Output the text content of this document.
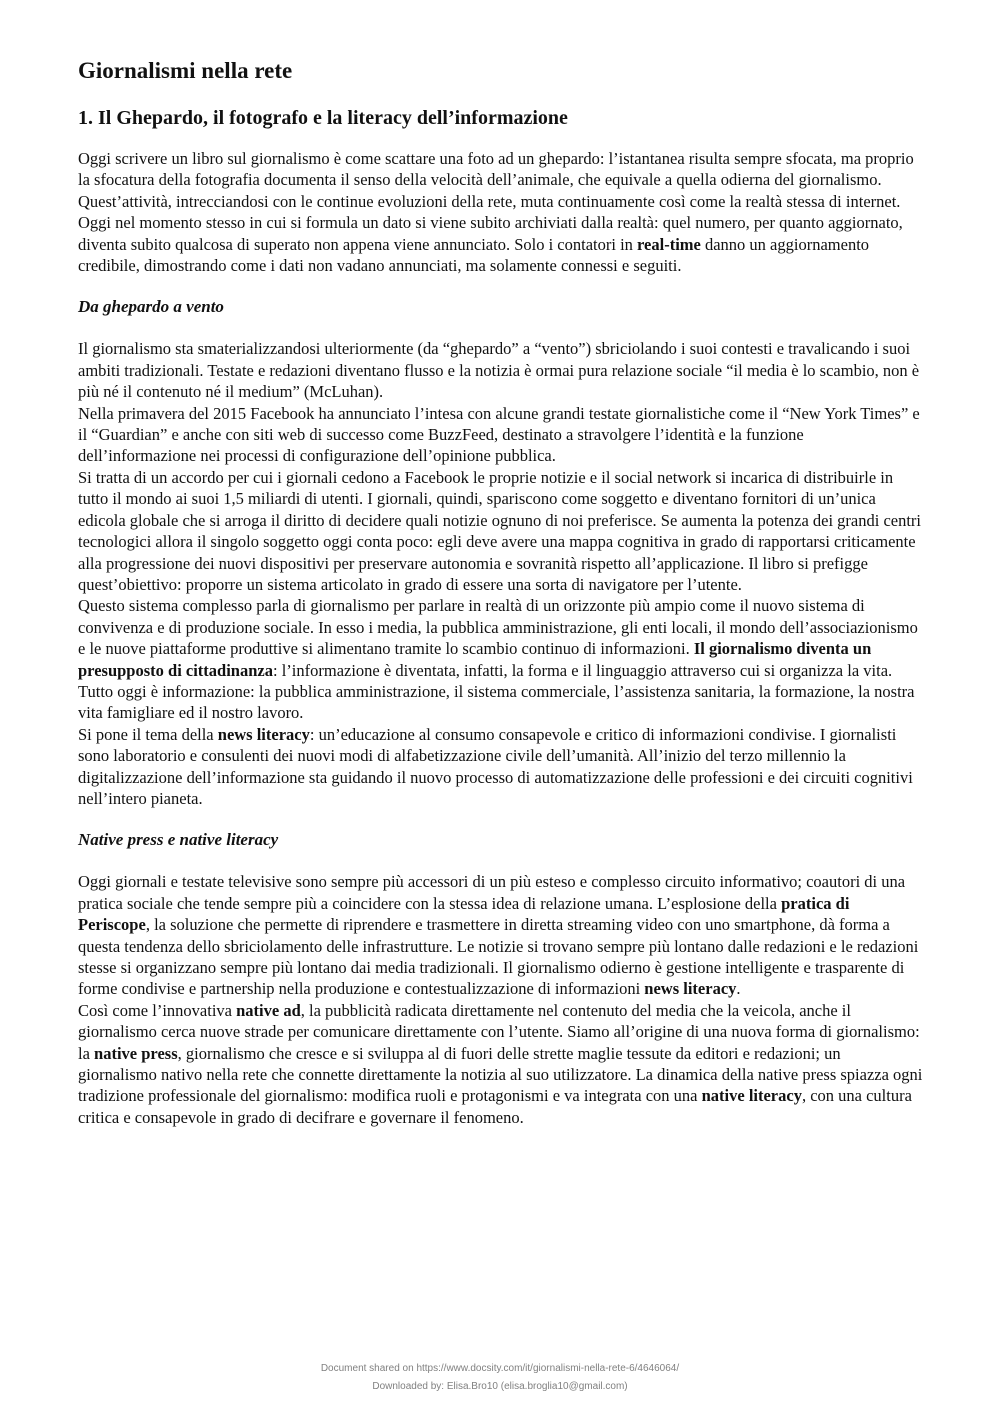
Giornalismi nella rete
1. Il Ghepardo, il fotografo e la literacy dell’informazione

Oggi scrivere un libro sul giornalismo è come scattare una foto ad un ghepardo: l’istantanea risulta sempre sfocata, ma proprio la sfocatura della fotografia documenta il senso della velocità dell’animale, che equivale a quella odierna del giornalismo. Quest’attività, intrecciandosi con le continue evoluzioni della rete, muta continuamente così come la realtà stessa di internet.

Oggi nel momento stesso in cui si formula un dato si viene subito archiviati dalla realtà: quel numero, per quanto aggiornato, diventa subito qualcosa di superato non appena viene annunciato. Solo i contatori in real-time danno un aggiornamento credibile, dimostrando come i dati non vadano annunciati, ma solamente connessi e seguiti.

Da ghepardo a vento

Il giornalismo sta smaterializzandosi ulteriormente (da “ghepardo” a “vento”) sbriciolando i suoi contesti e travalicando i suoi ambiti tradizionali. Testate e redazioni diventano flusso e la notizia è ormai pura relazione sociale “il media è lo scambio, non è più né il contenuto né il medium” (McLuhan).

Nella primavera del 2015 Facebook ha annunciato l’intesa con alcune grandi testate giornalistiche come il “New York Times” e il “Guardian” e anche con siti web di successo come BuzzFeed, destinato a stravolgere l’identità e la funzione dell’informazione nei processi di configurazione dell’opinione pubblica.

Si tratta di un accordo per cui i giornali cedono a Facebook le proprie notizie e il social network si incarica di distribuirle in tutto il mondo ai suoi 1,5 miliardi di utenti. I giornali, quindi, spariscono come soggetto e diventano fornitori di un’unica edicola globale che si arroga il diritto di decidere quali notizie ognuno di noi preferisce. Se aumenta la potenza dei grandi centri tecnologici allora il singolo soggetto oggi conta poco: egli deve avere una mappa cognitiva in grado di rapportarsi criticamente alla progressione dei nuovi dispositivi per preservare autonomia e sovranità rispetto all’applicazione. Il libro si prefigge quest’obiettivo: proporre un sistema articolato in grado di essere una sorta di navigatore per l’utente.

Questo sistema complesso parla di giornalismo per parlare in realtà di un orizzonte più ampio come il nuovo sistema di convivenza e di produzione sociale. In esso i media, la pubblica amministrazione, gli enti locali, il mondo dell’associazionismo e le nuove piattaforme produttive si alimentano tramite lo scambio continuo di informazioni. Il giornalismo diventa un presupposto di cittadinanza: l’informazione è diventata, infatti, la forma e il linguaggio attraverso cui si organizza la vita. Tutto oggi è informazione: la pubblica amministrazione, il sistema commerciale, l’assistenza sanitaria, la formazione, la nostra vita famigliare ed il nostro lavoro.

Si pone il tema della news literacy: un’educazione al consumo consapevole e critico di informazioni condivise. I giornalisti sono laboratorio e consulenti dei nuovi modi di alfabetizzazione civile dell’umanità. All’inizio del terzo millennio la digitalizzazione dell’informazione sta guidando il nuovo processo di automatizzazione delle professioni e dei circuiti cognitivi nell’intero pianeta.

Native press e native literacy

Oggi giornali e testate televisive sono sempre più accessori di un più esteso e complesso circuito informativo; coautori di una pratica sociale che tende sempre più a coincidere con la stessa idea di relazione umana. L’esplosione della pratica di Periscope, la soluzione che permette di riprendere e trasmettere in diretta streaming video con uno smartphone, dà forma a questa tendenza dello sbriciolamento delle infrastrutture. Le notizie si trovano sempre più lontano dalle redazioni e le redazioni stesse si organizzano sempre più lontano dai media tradizionali. Il giornalismo odierno è gestione intelligente e trasparente di forme condivise e partnership nella produzione e contestualizzazione di informazioni news literacy.

Così come l’innovativa native ad, la pubblicità radicata direttamente nel contenuto del media che la veicola, anche il giornalismo cerca nuove strade per comunicare direttamente con l’utente. Siamo all’origine di una nuova forma di giornalismo: la native press, giornalismo che cresce e si sviluppa al di fuori delle strette maglie tessute da editori e redazioni; un giornalismo nativo nella rete che connette direttamente la notizia al suo utilizzatore. La dinamica della native press spiazza ogni tradizione professionale del giornalismo: modifica ruoli e protagonismi e va integrata con una native literacy, con una cultura critica e consapevole in grado di decifrare e governare il fenomeno.

Document shared on https://www.docsity.com/it/giornalismi-nella-rete-6/4646064/
Downloaded by: Elisa.Bro10 (elisa.broglia10@gmail.com)
